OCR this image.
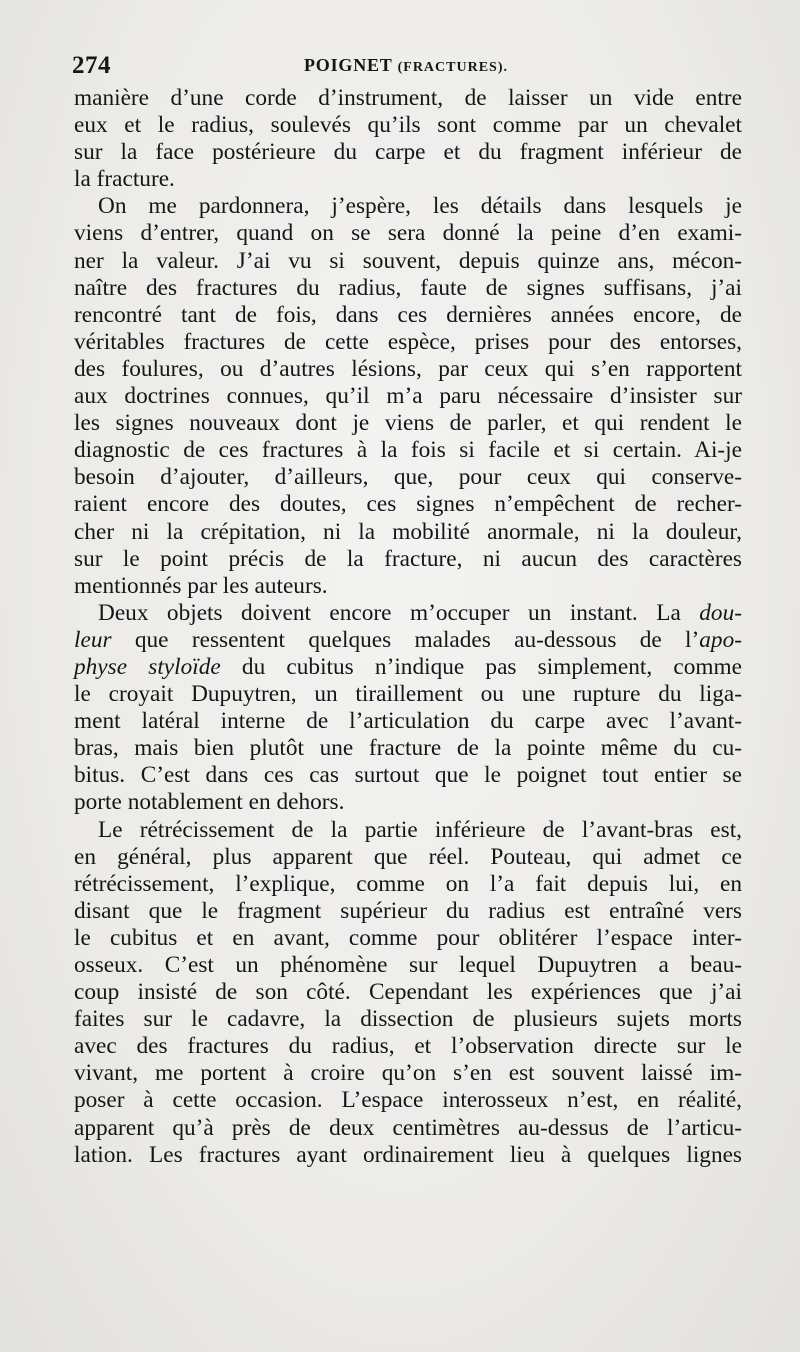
274	POIGNET (FRACTURES).
manière d’une corde d’instrument, de laisser un vide entre
eux et le radius, soulevés qu’ils sont comme par un chevalet
sur la face postérieure du carpe et du fragment inférieur de
la fracture.
On me pardonnera, j’espère, les détails dans lesquels je
viens d’entrer, quand on se sera donné la peine d’en exami-
ner la valeur. J’ai vu si souvent, depuis quinze ans, mécon-
naître des fractures du radius, faute de signes suffisans, j’ai
rencontré tant de fois, dans ces dernières années encore, de
véritables fractures de cette espèce, prises pour des entorses,
des foulures, ou d’autres lésions, par ceux qui s’en rapportent
aux doctrines connues, qu’il m’a paru nécessaire d’insister sur
les signes nouveaux dont je viens de parler, et qui rendent le
diagnostic de ces fractures à la fois si facile et si certain. Ai-je
besoin d’ajouter, d’ailleurs, que, pour ceux qui conserve-
raient encore des doutes, ces signes n’empêchent de recher-
cher ni la crépitation, ni la mobilité anormale, ni la douleur,
sur le point précis de la fracture, ni aucun des caractères
mentionnés par les auteurs.
Deux objets doivent encore m’occuper un instant. La dou-
leur que ressentent quelques malades au-dessous de l’apo-
physe styloïde du cubitus n’indique pas simplement, comme
le croyait Dupuytren, un tiraillement ou une rupture du liga-
ment latéral interne de l’articulation du carpe avec l’avant-
bras, mais bien plutôt une fracture de la pointe même du cu-
bitus. C’est dans ces cas surtout que le poignet tout entier se
porte notablement en dehors.
Le rétrécissement de la partie inférieure de l’avant-bras est,
en général, plus apparent que réel. Pouteau, qui admet ce
rétrécissement, l’explique, comme on l’a fait depuis lui, en
disant que le fragment supérieur du radius est entraîné vers
le cubitus et en avant, comme pour oblitérer l’espace inter-
osseux. C’est un phénomène sur lequel Dupuytren a beau-
coup insisté de son côté. Cependant les expériences que j’ai
faites sur le cadavre, la dissection de plusieurs sujets morts
avec des fractures du radius, et l’observation directe sur le
vivant, me portent à croire qu’on s’en est souvent laissé im-
poser à cette occasion. L’espace interosseux n’est, en réalité,
apparent qu’à près de deux centimètres au-dessus de l’articu-
lation. Les fractures ayant ordinairement lieu à quelques lignes
